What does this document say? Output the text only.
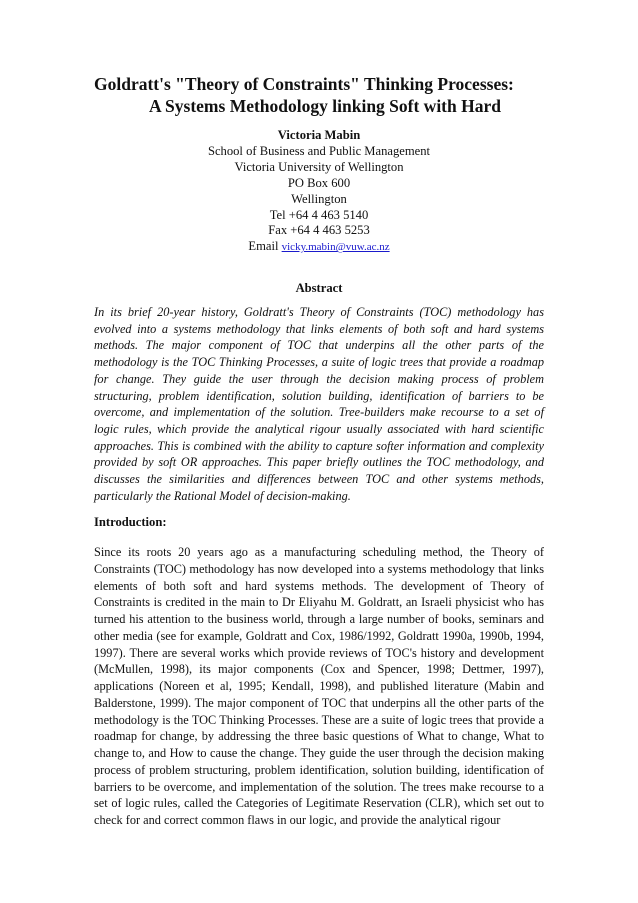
Goldratt's "Theory of Constraints" Thinking Processes:
A Systems Methodology linking Soft with Hard
Victoria Mabin
School of Business and Public Management
Victoria University of Wellington
PO Box 600
Wellington
Tel +64 4 463 5140
Fax +64 4 463 5253
Email vicky.mabin@vuw.ac.nz
Abstract

In its brief 20-year history, Goldratt's Theory of Constraints (TOC) methodology has evolved into a systems methodology that links elements of both soft and hard systems methods. The major component of TOC that underpins all the other parts of the methodology is the TOC Thinking Processes, a suite of logic trees that provide a roadmap for change. They guide the user through the decision making process of problem structuring, problem identification, solution building, identification of barriers to be overcome, and implementation of the solution. Tree-builders make recourse to a set of logic rules, which provide the analytical rigour usually associated with hard scientific approaches. This is combined with the ability to capture softer information and complexity provided by soft OR approaches. This paper briefly outlines the TOC methodology, and discusses the similarities and differences between TOC and other systems methods, particularly the Rational Model of decision-making.

Introduction:

Since its roots 20 years ago as a manufacturing scheduling method, the Theory of Constraints (TOC) methodology has now developed into a systems methodology that links elements of both soft and hard systems methods. The development of Theory of Constraints is credited in the main to Dr Eliyahu M. Goldratt, an Israeli physicist who has turned his attention to the business world, through a large number of books, seminars and other media (see for example, Goldratt and Cox, 1986/1992, Goldratt 1990a, 1990b, 1994, 1997). There are several works which provide reviews of TOC's history and development (McMullen, 1998), its major components (Cox and Spencer, 1998; Dettmer, 1997), applications (Noreen et al, 1995; Kendall, 1998), and published literature (Mabin and Balderstone, 1999). The major component of TOC that underpins all the other parts of the methodology is the TOC Thinking Processes. These are a suite of logic trees that provide a roadmap for change, by addressing the three basic questions of What to change, What to change to, and How to cause the change. They guide the user through the decision making process of problem structuring, problem identification, solution building, identification of barriers to be overcome, and implementation of the solution. The trees make recourse to a set of logic rules, called the Categories of Legitimate Reservation (CLR), which set out to check for and correct common flaws in our logic, and provide the analytical rigour
